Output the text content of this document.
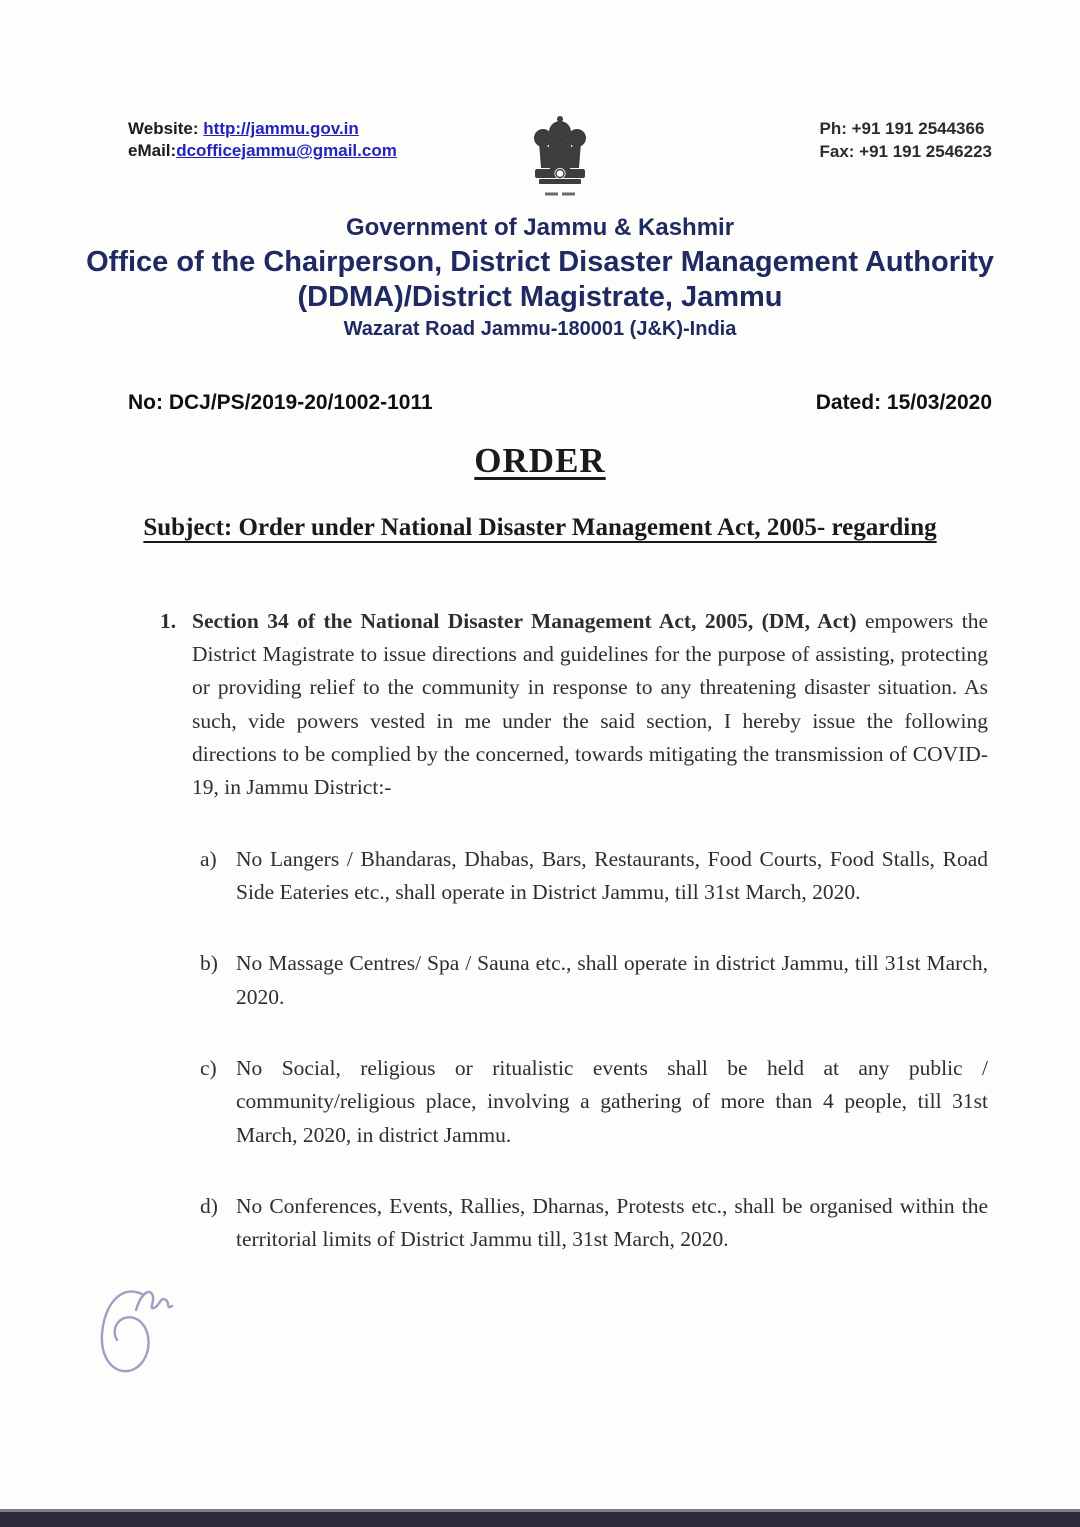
Website: http://jammu.gov.in
eMail:dcofficejammu@gmail.com
Ph: +91 191 2544366
Fax: +91 191 2546223
Government of Jammu & Kashmir
Office of the Chairperson, District Disaster Management Authority (DDMA)/District Magistrate, Jammu
Wazarat Road Jammu-180001 (J&K)-India
No: DCJ/PS/2019-20/1002-1011	Dated: 15/03/2020
ORDER
Subject: Order under National Disaster Management Act, 2005- regarding
1. Section 34 of the National Disaster Management Act, 2005, (DM, Act) empowers the District Magistrate to issue directions and guidelines for the purpose of assisting, protecting or providing relief to the community in response to any threatening disaster situation. As such, vide powers vested in me under the said section, I hereby issue the following directions to be complied by the concerned, towards mitigating the transmission of COVID-19, in Jammu District:-
a) No Langers / Bhandaras, Dhabas, Bars, Restaurants, Food Courts, Food Stalls, Road Side Eateries etc., shall operate in District Jammu, till 31st March, 2020.
b) No Massage Centres/ Spa / Sauna etc., shall operate in district Jammu, till 31st March, 2020.
c) No Social, religious or ritualistic events shall be held at any public / community/religious place, involving a gathering of more than 4 people, till 31st March, 2020, in district Jammu.
d) No Conferences, Events, Rallies, Dharnas, Protests etc., shall be organised within the territorial limits of District Jammu till, 31st March, 2020.
